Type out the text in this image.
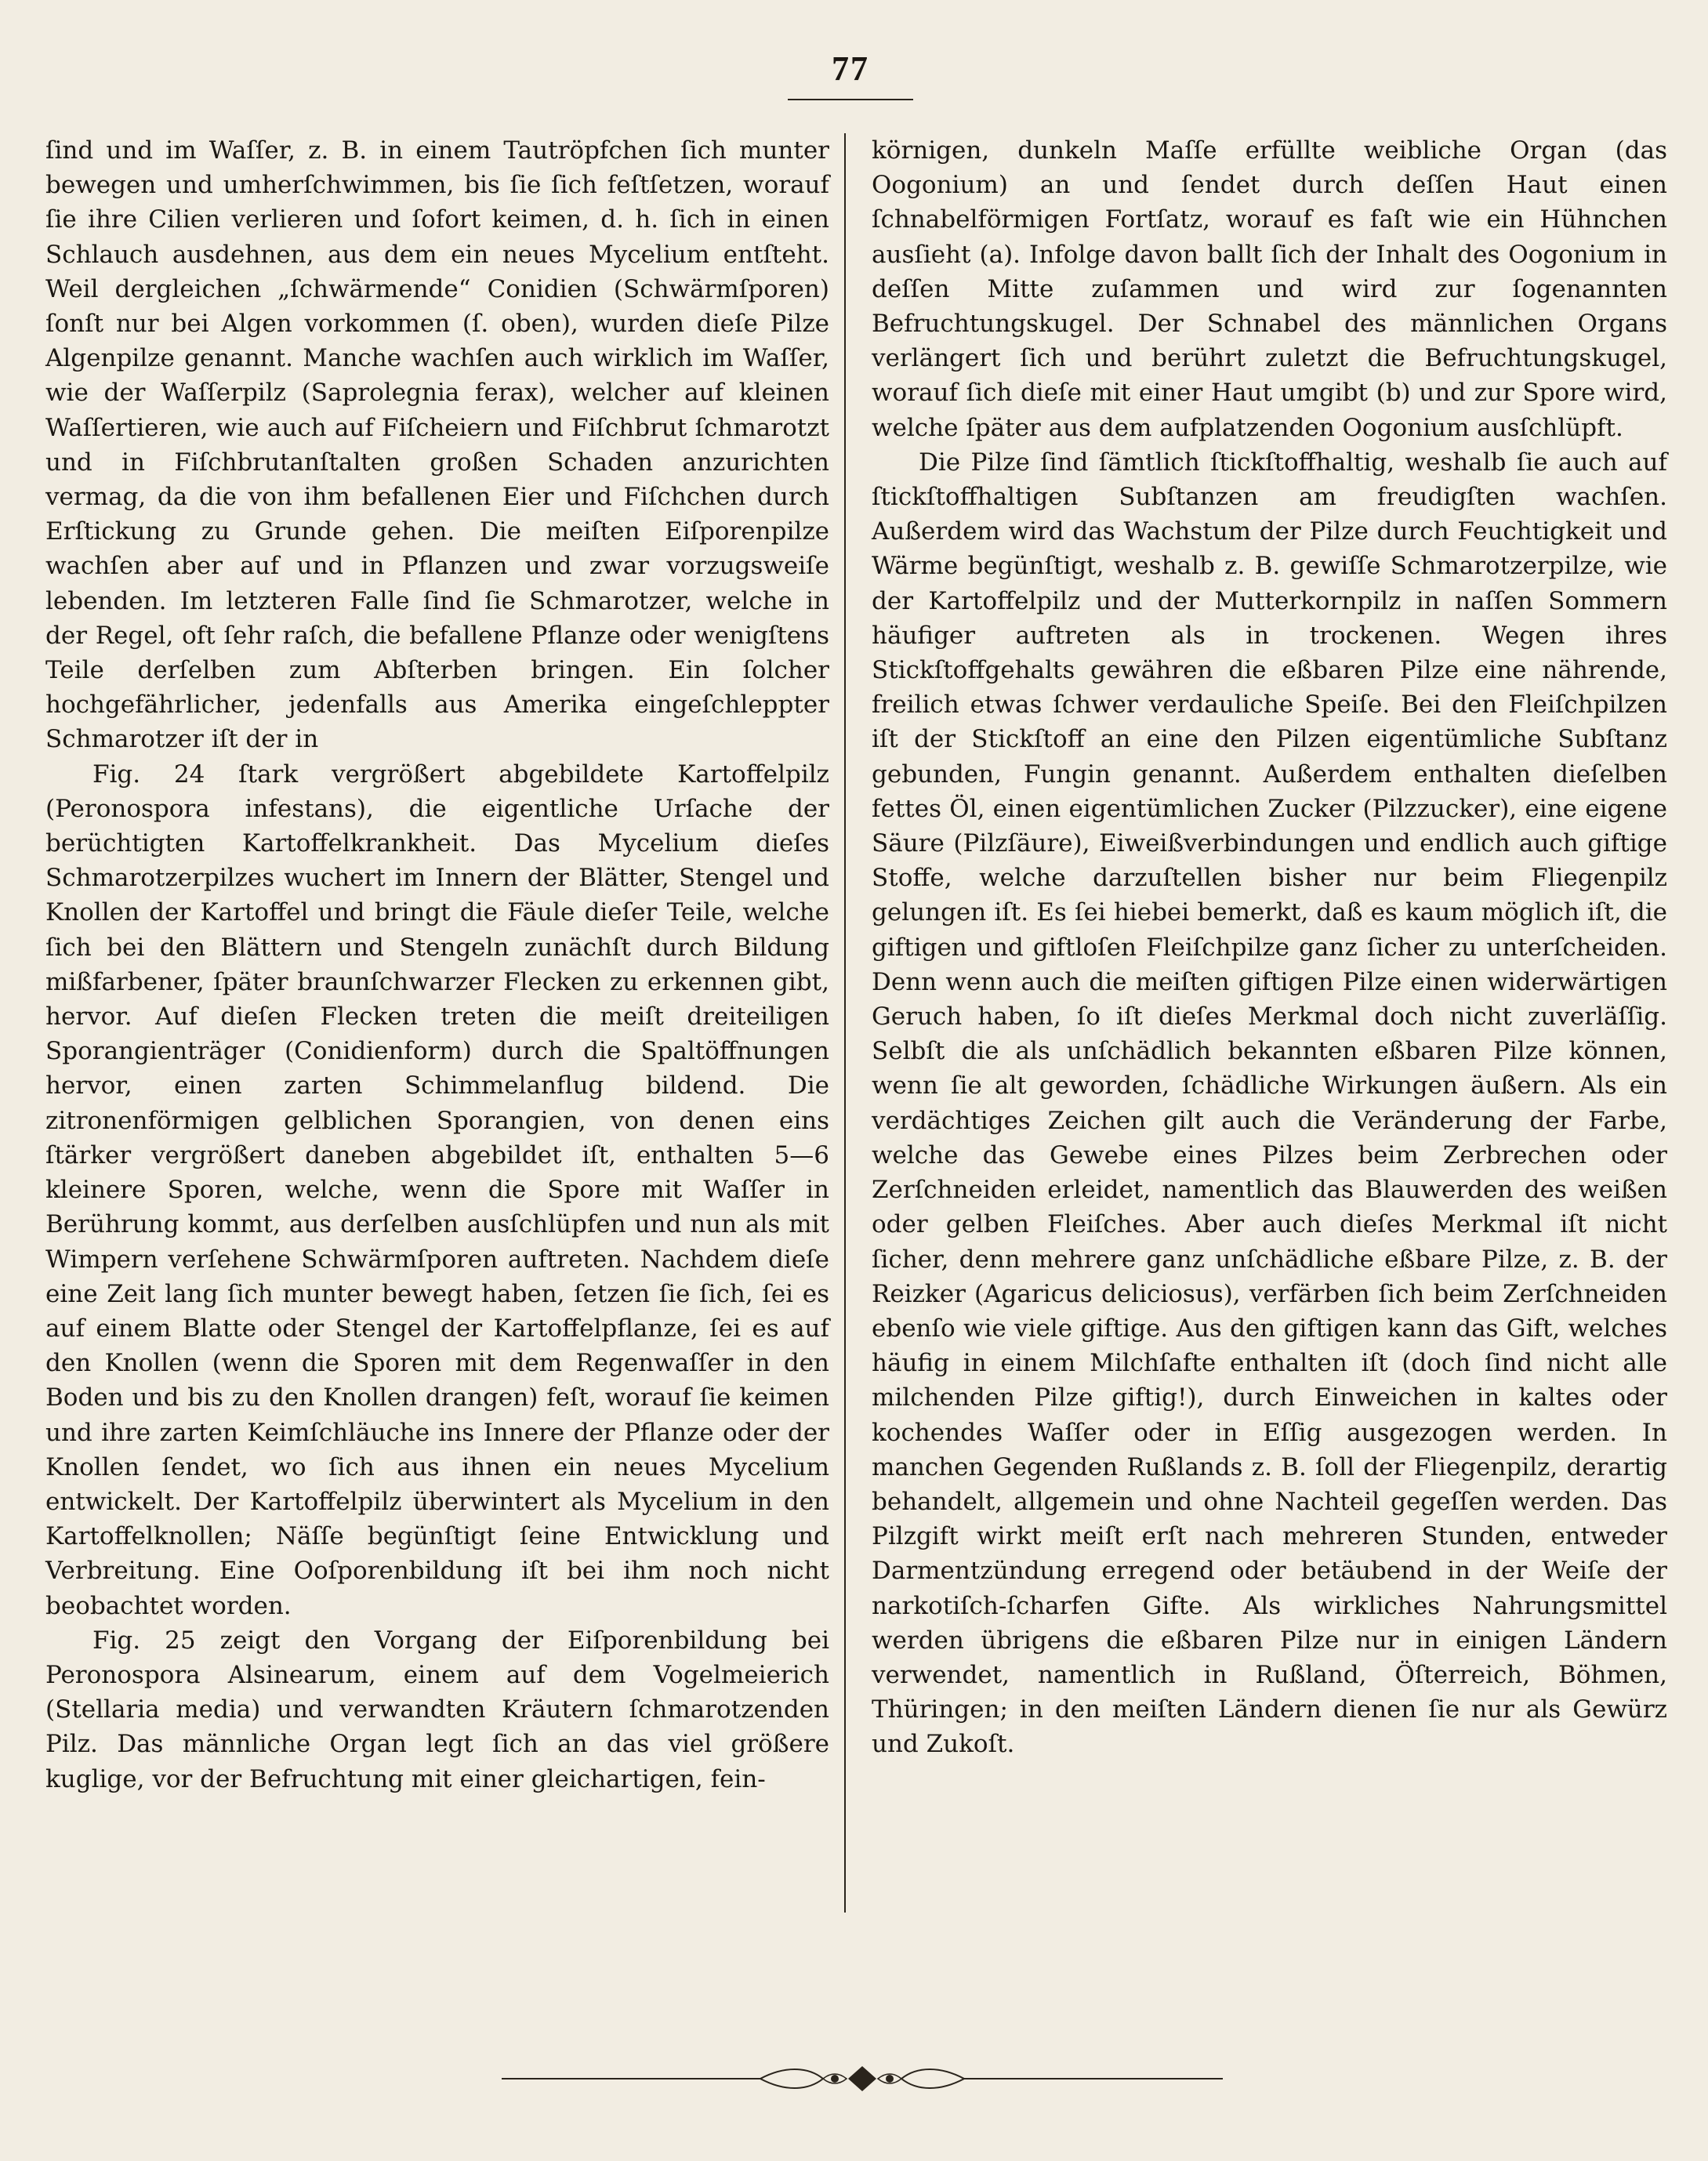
77

ſind und im Waſſer, z. B. in einem Tautröpfchen ſich munter bewegen und umherſchwimmen, bis ſie ſich feſtſetzen, worauf ſie ihre Cilien verlieren und ſofort keimen, d. h. ſich in einen Schlauch ausdehnen, aus dem ein neues Mycelium entſteht. Weil dergleichen „ſchwärmende“ Conidien (Schwärmſporen) ſonſt nur bei Algen vorkommen (ſ. oben), wurden dieſe Pilze Algenpilze genannt. Manche wachſen auch wirklich im Waſſer, wie der Waſſerpilz (Saprolegnia ferax), welcher auf kleinen Waſſertieren, wie auch auf Fiſcheiern und Fiſchbrut ſchmarotzt und in Fiſchbrutanſtalten großen Schaden anzurichten vermag, da die von ihm befallenen Eier und Fiſchchen durch Erſtickung zu Grunde gehen. Die meiſten Eiſporenpilze wachſen aber auf und in Pflanzen und zwar vorzugsweiſe lebenden. Im letzteren Falle ſind ſie Schmarotzer, welche in der Regel, oft ſehr raſch, die befallene Pflanze oder wenigſtens Teile derſelben zum Abſterben bringen. Ein ſolcher hochgefährlicher, jedenfalls aus Amerika eingeſchleppter Schmarotzer iſt der in

Fig. 24 ſtark vergrößert abgebildete Kartoffelpilz (Peronospora infestans), die eigentliche Urſache der berüchtigten Kartoffelkrankheit. Das Mycelium dieſes Schmarotzerpilzes wuchert im Innern der Blätter, Stengel und Knollen der Kartoffel und bringt die Fäule dieſer Teile, welche ſich bei den Blättern und Stengeln zunächſt durch Bildung mißfarbener, ſpäter braunſchwarzer Flecken zu erkennen gibt, hervor. Auf dieſen Flecken treten die meiſt dreiteiligen Sporangienträger (Conidienform) durch die Spaltöffnungen hervor, einen zarten Schimmelanflug bildend. Die zitronenförmigen gelblichen Sporangien, von denen eins ſtärker vergrößert daneben abgebildet iſt, enthalten 5—6 kleinere Sporen, welche, wenn die Spore mit Waſſer in Berührung kommt, aus derſelben ausſchlüpfen und nun als mit Wimpern verſehene Schwärmſporen auftreten. Nachdem dieſe eine Zeit lang ſich munter bewegt haben, ſetzen ſie ſich, ſei es auf einem Blatte oder Stengel der Kartoffelpflanze, ſei es auf den Knollen (wenn die Sporen mit dem Regenwaſſer in den Boden und bis zu den Knollen drangen) feſt, worauf ſie keimen und ihre zarten Keimſchläuche ins Innere der Pflanze oder der Knollen ſendet, wo ſich aus ihnen ein neues Mycelium entwickelt. Der Kartoffelpilz überwintert als Mycelium in den Kartoffelknollen; Näſſe begünſtigt ſeine Entwicklung und Verbreitung. Eine Ooſporenbildung iſt bei ihm noch nicht beobachtet worden.

Fig. 25 zeigt den Vorgang der Eiſporenbildung bei Peronospora Alsinearum, einem auf dem Vogelmeierich (Stellaria media) und verwandten Kräutern ſchmarotzenden Pilz. Das männliche Organ legt ſich an das viel größere kuglige, vor der Befruchtung mit einer gleichartigen, fein-

körnigen, dunkeln Maſſe erfüllte weibliche Organ (das Oogonium) an und ſendet durch deſſen Haut einen ſchnabelförmigen Fortſatz, worauf es faſt wie ein Hühnchen ausſieht (a). Infolge davon ballt ſich der Inhalt des Oogonium in deſſen Mitte zuſammen und wird zur ſogenannten Befruchtungskugel. Der Schnabel des männlichen Organs verlängert ſich und berührt zuletzt die Befruchtungskugel, worauf ſich dieſe mit einer Haut umgibt (b) und zur Spore wird, welche ſpäter aus dem aufplatzenden Oogonium ausſchlüpft.

Die Pilze ſind ſämtlich ſtickſtoffhaltig, weshalb ſie auch auf ſtickſtoffhaltigen Subſtanzen am freudigſten wachſen. Außerdem wird das Wachstum der Pilze durch Feuchtigkeit und Wärme begünſtigt, weshalb z. B. gewiſſe Schmarotzerpilze, wie der Kartoffelpilz und der Mutterkornpilz in naſſen Sommern häufiger auftreten als in trockenen. Wegen ihres Stickſtoffgehalts gewähren die eßbaren Pilze eine nährende, freilich etwas ſchwer verdauliche Speiſe. Bei den Fleiſchpilzen iſt der Stickſtoff an eine den Pilzen eigentümliche Subſtanz gebunden, Fungin genannt. Außerdem enthalten dieſelben fettes Öl, einen eigentümlichen Zucker (Pilzzucker), eine eigene Säure (Pilzſäure), Eiweißverbindungen und endlich auch giftige Stoffe, welche darzuſtellen bisher nur beim Fliegenpilz gelungen iſt. Es ſei hiebei bemerkt, daß es kaum möglich iſt, die giftigen und giftloſen Fleiſchpilze ganz ſicher zu unterſcheiden. Denn wenn auch die meiſten giftigen Pilze einen widerwärtigen Geruch haben, ſo iſt dieſes Merkmal doch nicht zuverläſſig. Selbſt die als unſchädlich bekannten eßbaren Pilze können, wenn ſie alt geworden, ſchädliche Wirkungen äußern. Als ein verdächtiges Zeichen gilt auch die Veränderung der Farbe, welche das Gewebe eines Pilzes beim Zerbrechen oder Zerſchneiden erleidet, namentlich das Blauwerden des weißen oder gelben Fleiſches. Aber auch dieſes Merkmal iſt nicht ſicher, denn mehrere ganz unſchädliche eßbare Pilze, z. B. der Reizker (Agaricus deliciosus), verfärben ſich beim Zerſchneiden ebenſo wie viele giftige. Aus den giftigen kann das Gift, welches häufig in einem Milchſafte enthalten iſt (doch ſind nicht alle milchenden Pilze giftig!), durch Einweichen in kaltes oder kochendes Waſſer oder in Eſſig ausgezogen werden. In manchen Gegenden Rußlands z. B. ſoll der Fliegenpilz, derartig behandelt, allgemein und ohne Nachteil gegeſſen werden. Das Pilzgift wirkt meiſt erſt nach mehreren Stunden, entweder Darmentzündung erregend oder betäubend in der Weiſe der narkotiſch-ſcharfen Gifte. Als wirkliches Nahrungsmittel werden übrigens die eßbaren Pilze nur in einigen Ländern verwendet, namentlich in Rußland, Öſterreich, Böhmen, Thüringen; in den meiſten Ländern dienen ſie nur als Gewürz und Zukoſt.
